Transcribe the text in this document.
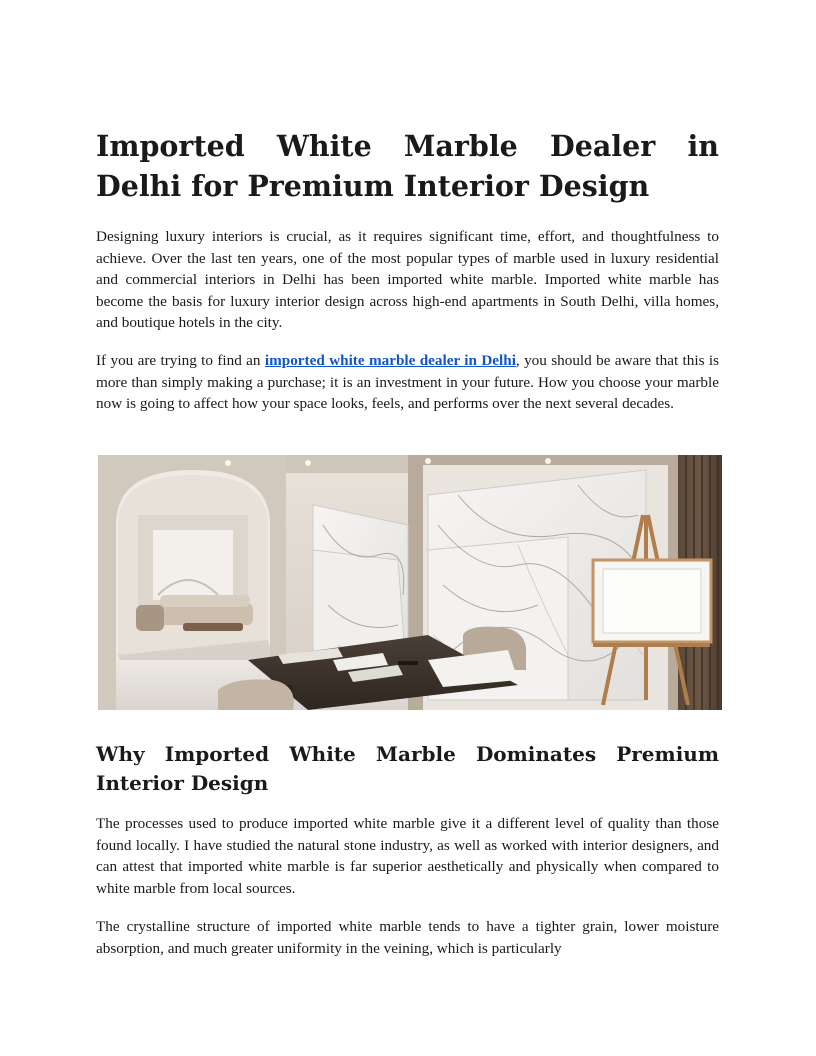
Imported White Marble Dealer in Delhi for Premium Interior Design

Designing luxury interiors is crucial, as it requires significant time, effort, and thoughtfulness to achieve. Over the last ten years, one of the most popular types of marble used in luxury residential and commercial interiors in Delhi has been imported white marble. Imported white marble has become the basis for luxury interior design across high-end apartments in South Delhi, villa homes, and boutique hotels in the city.

If you are trying to find an imported white marble dealer in Delhi, you should be aware that this is more than simply making a purchase; it is an investment in your future. How you choose your marble now is going to affect how your space looks, feels, and performs over the next several decades.

Why Imported White Marble Dominates Premium Interior Design

The processes used to produce imported white marble give it a different level of quality than those found locally. I have studied the natural stone industry, as well as worked with interior designers, and can attest that imported white marble is far superior aesthetically and physically when compared to white marble from local sources.

The crystalline structure of imported white marble tends to have a tighter grain, lower moisture absorption, and much greater uniformity in the veining, which is particularly
